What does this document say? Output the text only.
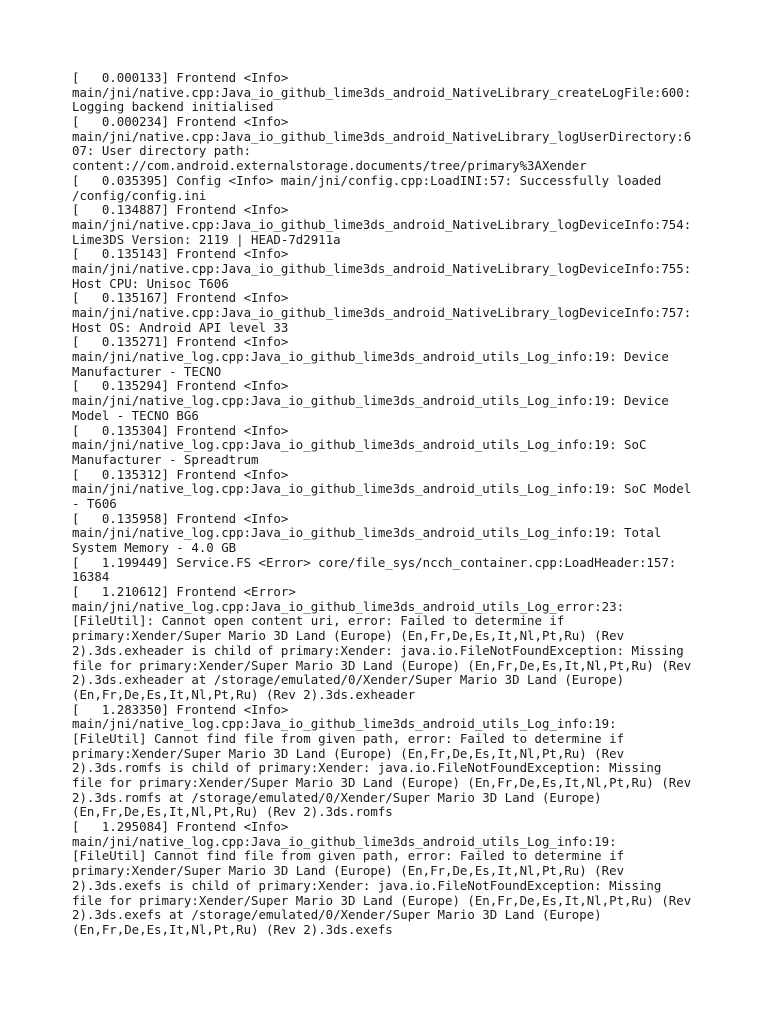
[   0.000133] Frontend <Info>
main/jni/native.cpp:Java_io_github_lime3ds_android_NativeLibrary_createLogFile:600:
Logging backend initialised
[   0.000234] Frontend <Info>
main/jni/native.cpp:Java_io_github_lime3ds_android_NativeLibrary_logUserDirectory:6
07: User directory path:
content://com.android.externalstorage.documents/tree/primary%3AXender
[   0.035395] Config <Info> main/jni/config.cpp:LoadINI:57: Successfully loaded
/config/config.ini
[   0.134887] Frontend <Info>
main/jni/native.cpp:Java_io_github_lime3ds_android_NativeLibrary_logDeviceInfo:754:
Lime3DS Version: 2119 | HEAD-7d2911a
[   0.135143] Frontend <Info>
main/jni/native.cpp:Java_io_github_lime3ds_android_NativeLibrary_logDeviceInfo:755:
Host CPU: Unisoc T606
[   0.135167] Frontend <Info>
main/jni/native.cpp:Java_io_github_lime3ds_android_NativeLibrary_logDeviceInfo:757:
Host OS: Android API level 33
[   0.135271] Frontend <Info>
main/jni/native_log.cpp:Java_io_github_lime3ds_android_utils_Log_info:19: Device
Manufacturer - TECNO
[   0.135294] Frontend <Info>
main/jni/native_log.cpp:Java_io_github_lime3ds_android_utils_Log_info:19: Device
Model - TECNO BG6
[   0.135304] Frontend <Info>
main/jni/native_log.cpp:Java_io_github_lime3ds_android_utils_Log_info:19: SoC
Manufacturer - Spreadtrum
[   0.135312] Frontend <Info>
main/jni/native_log.cpp:Java_io_github_lime3ds_android_utils_Log_info:19: SoC Model
- T606
[   0.135958] Frontend <Info>
main/jni/native_log.cpp:Java_io_github_lime3ds_android_utils_Log_info:19: Total
System Memory - 4.0 GB
[   1.199449] Service.FS <Error> core/file_sys/ncch_container.cpp:LoadHeader:157:
16384
[   1.210612] Frontend <Error>
main/jni/native_log.cpp:Java_io_github_lime3ds_android_utils_Log_error:23:
[FileUtil]: Cannot open content uri, error: Failed to determine if
primary:Xender/Super Mario 3D Land (Europe) (En,Fr,De,Es,It,Nl,Pt,Ru) (Rev
2).3ds.exheader is child of primary:Xender: java.io.FileNotFoundException: Missing
file for primary:Xender/Super Mario 3D Land (Europe) (En,Fr,De,Es,It,Nl,Pt,Ru) (Rev
2).3ds.exheader at /storage/emulated/0/Xender/Super Mario 3D Land (Europe)
(En,Fr,De,Es,It,Nl,Pt,Ru) (Rev 2).3ds.exheader
[   1.283350] Frontend <Info>
main/jni/native_log.cpp:Java_io_github_lime3ds_android_utils_Log_info:19:
[FileUtil] Cannot find file from given path, error: Failed to determine if
primary:Xender/Super Mario 3D Land (Europe) (En,Fr,De,Es,It,Nl,Pt,Ru) (Rev
2).3ds.romfs is child of primary:Xender: java.io.FileNotFoundException: Missing
file for primary:Xender/Super Mario 3D Land (Europe) (En,Fr,De,Es,It,Nl,Pt,Ru) (Rev
2).3ds.romfs at /storage/emulated/0/Xender/Super Mario 3D Land (Europe)
(En,Fr,De,Es,It,Nl,Pt,Ru) (Rev 2).3ds.romfs
[   1.295084] Frontend <Info>
main/jni/native_log.cpp:Java_io_github_lime3ds_android_utils_Log_info:19:
[FileUtil] Cannot find file from given path, error: Failed to determine if
primary:Xender/Super Mario 3D Land (Europe) (En,Fr,De,Es,It,Nl,Pt,Ru) (Rev
2).3ds.exefs is child of primary:Xender: java.io.FileNotFoundException: Missing
file for primary:Xender/Super Mario 3D Land (Europe) (En,Fr,De,Es,It,Nl,Pt,Ru) (Rev
2).3ds.exefs at /storage/emulated/0/Xender/Super Mario 3D Land (Europe)
(En,Fr,De,Es,It,Nl,Pt,Ru) (Rev 2).3ds.exefs
